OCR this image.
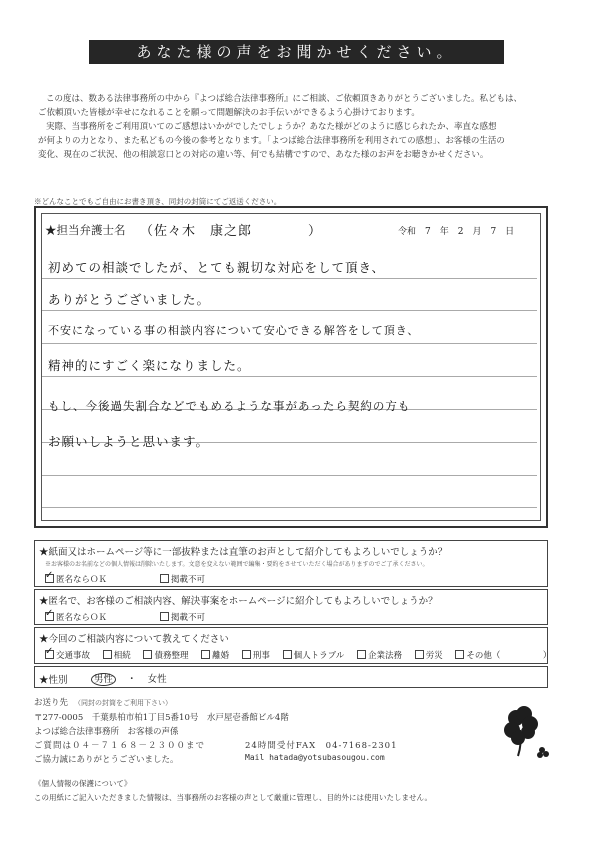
あなた様の声をお聞かせください。
この度は、数ある法律事務所の中から『よつば総合法律事務所』にご相談、ご依頼頂きありがとうございました。私どもは、
ご依頼頂いた皆様が幸せになれることを願って問題解決のお手伝いができるよう心掛けております。
実際、当事務所をご利用頂いてのご感想はいかがでしたでしょうか？あなた様がどのように感じられたか、率直な感想
が何よりの力となり、また私どもの今後の参考となります。「よつば総合法律事務所を利用されての感想」、お客様の生活の
変化、現在のご状況、他の相談窓口との対応の違い等、何でも結構ですので、あなた様のお声をお聴きかせください。
※どんなことでもご自由にお書き頂き、同封の封筒にてご返送ください。
★担当弁護士名 （佐々木　康之郎　　　　）	令和　7　年　2　月　7　日
初めての相談でしたが、とても親切な対応をして頂き、
ありがとうございました。
不安になっている事の相談内容について安心できる解答をして頂き、
精神的にすごく楽になりました。
もし、今後過失割合などでもめるような事があったら契約の方も
お願いしようと思います。
★紙面又はホームページ等に一部抜粋または直筆のお声として紹介してもよろしいでしょうか？
※お客様のお名前などの個人情報は削除いたします。文意を変えない範囲で編集・要約をさせていただく場合がありますのでご了承ください。
✓ 匿名ならＯＫ	掲載不可
★匿名で、お客様のご相談内容、解決事案をホームページに紹介してもよろしいでしょうか？
✓ 匿名ならＯＫ	掲載不可
★今回のご相談内容について教えてください
✓ 交通事故	相続	債務整理	離婚	刑事	個人トラブル	企業法務	労災	その他（　　　　　）
★性別	男性 ・ 女性
お送り先 （同封の封筒をご利用下さい）
〒277-0005　千葉県柏市柏1丁目5番10号　水戸屋壱番館ビル4階
よつば総合法律事務所　お客様の声係
ご質問は０４－７１６８－２３００まで	24時間受付FAX　04-7168-2301
ご協力誠にありがとうございました。	Mail hatada@yotsubasougou.com
《個人情報の保護について》
この用紙にご記入いただきました情報は、当事務所のお客様の声として厳重に管理し、目的外には使用いたしません。
